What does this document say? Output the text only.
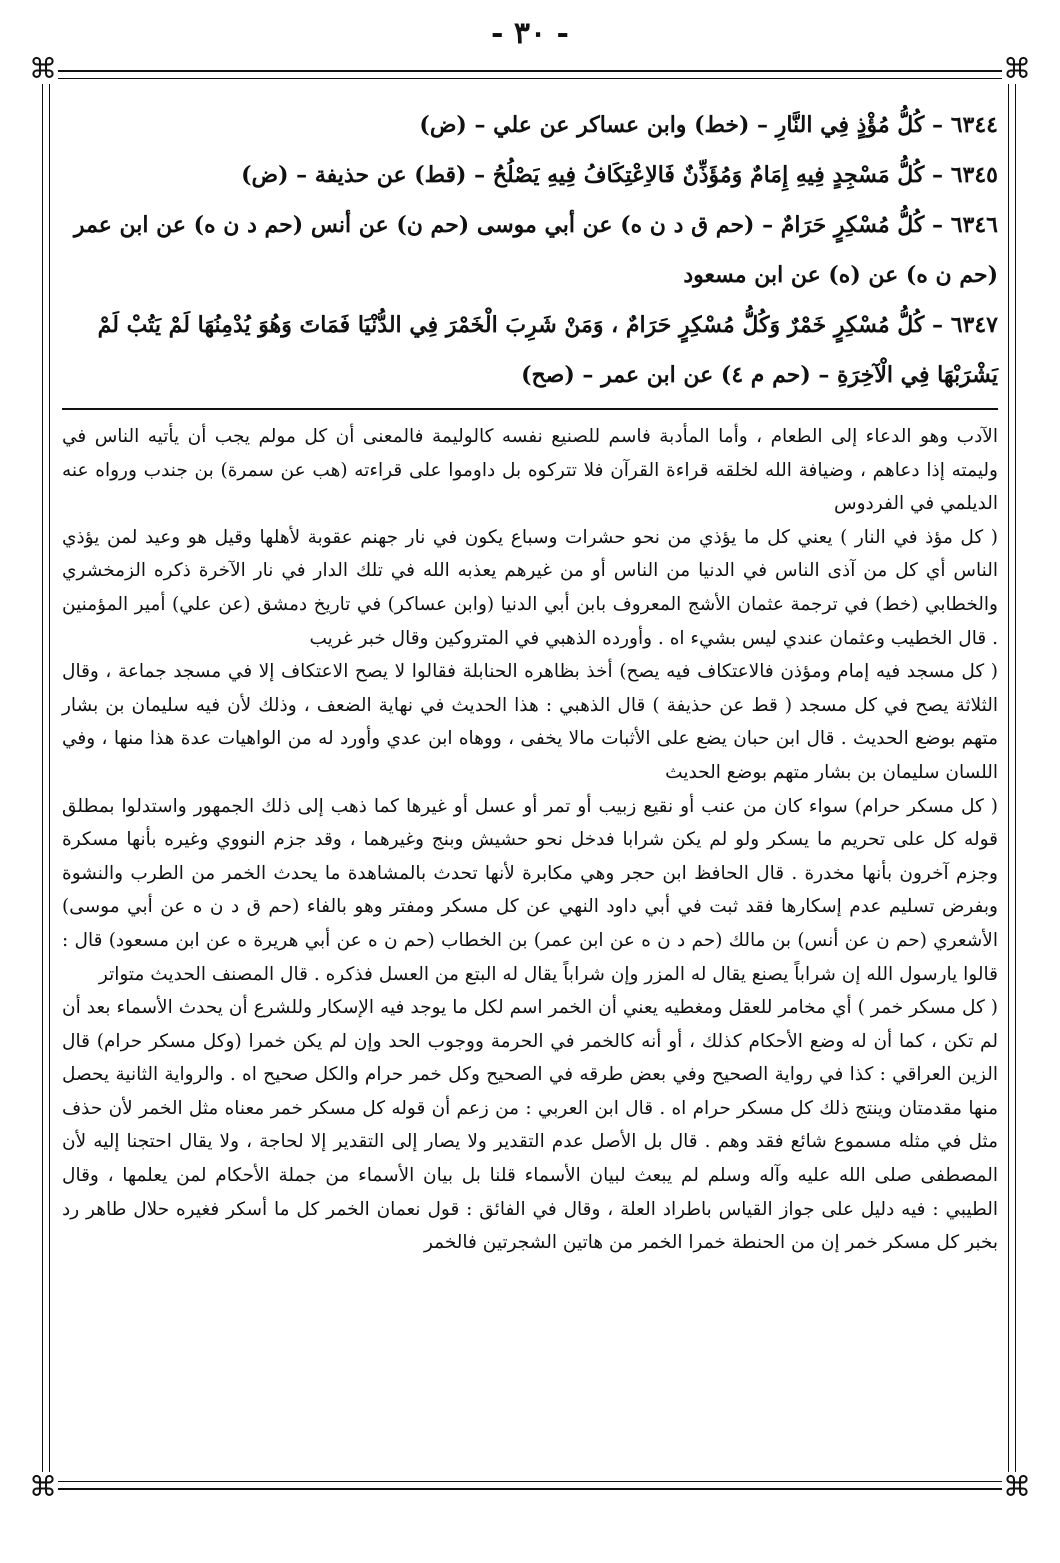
- ٣٠ -
⌘	⌘
⌘	⌘

٦٣٤٤ – كُلُّ مُؤْذٍ فِي النَّارِ – (خط) وابن عساكر عن علي – (ض)

٦٣٤٥ – كُلُّ مَسْجِدٍ فِيهِ إِمَامٌ وَمُؤَذِّنٌ فَالاِعْتِكَافُ فِيهِ يَصْلُحُ – (قط) عن حذيفة – (ض)

٦٣٤٦ – كُلُّ مُسْكِرٍ حَرَامٌ – (حم ق د ن ه) عن أبي موسى (حم ن) عن أنس (حم د ن ه) عن ابن عمر (حم ن ه) عن (ه) عن ابن مسعود

٦٣٤٧ – كُلُّ مُسْكِرٍ خَمْرٌ وَكُلُّ مُسْكِرٍ حَرَامٌ ، وَمَنْ شَرِبَ الْخَمْرَ فِي الدُّنْيَا فَمَاتَ وَهُوَ يُدْمِنُهَا لَمْ يَتُبْ لَمْ يَشْرَبْهَا فِي الْآخِرَةِ – (حم م ٤) عن ابن عمر – (صح)

الآدب وهو الدعاء إلى الطعام ، وأما المأدبة فاسم للصنيع نفسه كالوليمة فالمعنى أن كل مولم يجب أن يأتيه الناس في وليمته إذا دعاهم ، وضيافة الله لخلقه قراءة القرآن فلا تتركوه بل داوموا على قراءته (هب عن سمرة) بن جندب ورواه عنه الديلمي في الفردوس

( كل مؤذ في النار ) يعني كل ما يؤذي من نحو حشرات وسباع يكون في نار جهنم عقوبة لأهلها وقيل هو وعيد لمن يؤذي الناس أي كل من آذى الناس في الدنيا من الناس أو من غيرهم يعذبه الله في تلك الدار في نار الآخرة ذكره الزمخشري والخطابي (خط) في ترجمة عثمان الأشج المعروف بابن أبي الدنيا (وابن عساكر) في تاريخ دمشق (عن علي) أمير المؤمنين . قال الخطيب وعثمان عندي ليس بشيء اه . وأورده الذهبي في المتروكين وقال خبر غريب

( كل مسجد فيه إمام ومؤذن فالاعتكاف فيه يصح) أخذ بظاهره الحنابلة فقالوا لا يصح الاعتكاف إلا في مسجد جماعة ، وقال الثلاثة يصح في كل مسجد ( قط عن حذيفة ) قال الذهبي : هذا الحديث في نهاية الضعف ، وذلك لأن فيه سليمان بن بشار متهم بوضع الحديث . قال ابن حبان يضع على الأثبات مالا يخفى ، ووهاه ابن عدي وأورد له من الواهيات عدة هذا منها ، وفي اللسان سليمان بن بشار متهم بوضع الحديث

( كل مسكر حرام) سواء كان من عنب أو نقيع زبيب أو تمر أو عسل أو غيرها كما ذهب إلى ذلك الجمهور واستدلوا بمطلق قوله كل على تحريم ما يسكر ولو لم يكن شرابا فدخل نحو حشيش وبنج وغيرهما ، وقد جزم النووي وغيره بأنها مسكرة وجزم آخرون بأنها مخدرة . قال الحافظ ابن حجر وهي مكابرة لأنها تحدث بالمشاهدة ما يحدث الخمر من الطرب والنشوة وبفرض تسليم عدم إسكارها فقد ثبت في أبي داود النهي عن كل مسكر ومفتر وهو بالفاء (حم ق د ن ه عن أبي موسى) الأشعري (حم ن عن أنس) بن مالك (حم د ن ه عن ابن عمر) بن الخطاب (حم ن ه عن أبي هريرة ه عن ابن مسعود) قال : قالوا يارسول الله إن شراباً يصنع يقال له المزر وإن شراباً يقال له البتع من العسل فذكره . قال المصنف الحديث متواتر

( كل مسكر خمر ) أي مخامر للعقل ومغطيه يعني أن الخمر اسم لكل ما يوجد فيه الإسكار وللشرع أن يحدث الأسماء بعد أن لم تكن ، كما أن له وضع الأحكام كذلك ، أو أنه كالخمر في الحرمة ووجوب الحد وإن لم يكن خمرا (وكل مسكر حرام) قال الزين العراقي : كذا في رواية الصحيح وفي بعض طرقه في الصحيح وكل خمر حرام والكل صحيح اه . والرواية الثانية يحصل منها مقدمتان وينتج ذلك كل مسكر حرام اه . قال ابن العربي : من زعم أن قوله كل مسكر خمر معناه مثل الخمر لأن حذف مثل في مثله مسموع شائع فقد وهم . قال بل الأصل عدم التقدير ولا يصار إلى التقدير إلا لحاجة ، ولا يقال احتجنا إليه لأن المصطفى صلى الله عليه وآله وسلم لم يبعث لبيان الأسماء قلنا بل بيان الأسماء من جملة الأحكام لمن يعلمها ، وقال الطيبي : فيه دليل على جواز القياس باطراد العلة ، وقال في الفائق : قول نعمان الخمر كل ما أسكر فغيره حلال طاهر رد بخبر كل مسكر خمر إن من الحنطة خمرا الخمر من هاتين الشجرتين فالخمر
